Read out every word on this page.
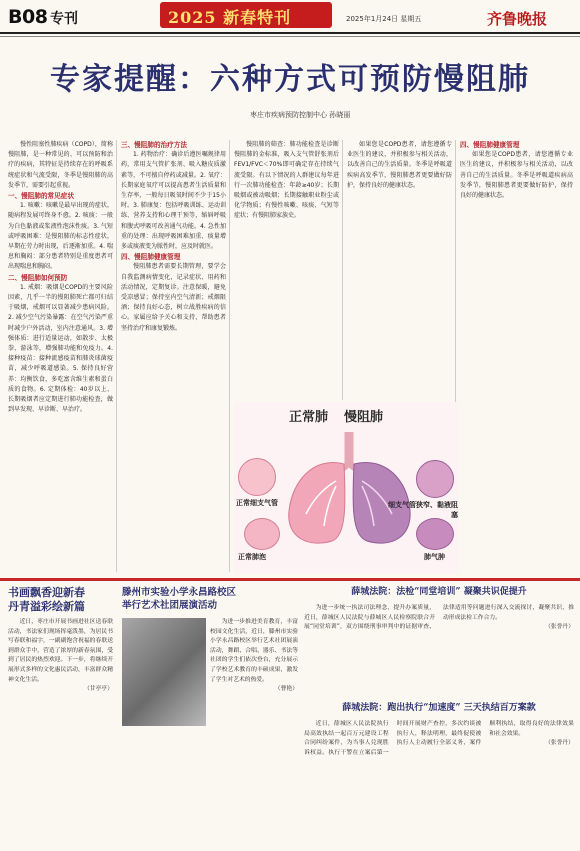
B08 专刊	2025 新春特刊	2025年1月24日 星期五	齐鲁晚报
专家提醒：六种方式可预防慢阻肺
枣庄市疾病预防控制中心 孙晓丽

慢性阻塞性肺疾病（COPD），简称慢阻肺，是一种常见的、可以预防和治疗的疾病，其特征是持续存在的呼吸系统症状和气流受限，冬季是慢阻肺的高发季节，需要引起重视。

一、慢阻肺的常见症状

1. 咳嗽：咳嗽是最早出现的症状，随病程发展可终身不愈。2. 咳痰：一般为白色黏液或浆液性泡沫性痰。3. 气短或呼吸困难：是慢阻肺的标志性症状，早期在劳力时出现，后逐渐加重。4. 喘息和胸闷：部分患者特别是重度患者可出现喘息和胸闷。

二、慢阻肺如何预防

1. 戒烟：吸烟是COPD的主要风险因素，几乎一半的慢阻肺死亡都可归结于吸烟，戒烟可以显著减少患病风险。2. 减少空气污染暴露：在空气污染严重时减少户外活动，室内注意通风。3. 增强体质：进行适量运动，如散步、太极拳、游泳等，增强肺功能和免疫力。4. 接种疫苗：接种流感疫苗和肺炎球菌疫苗，减少呼吸道感染。5. 保持良好营养：均衡饮食，多吃富含维生素和蛋白质的食物。6. 定期体检：40岁以上、长期吸烟者应定期进行肺功能检查，做到早发现、早诊断、早治疗。

三、慢阻肺的治疗方法

1. 药物治疗：确诊后遵医嘱规律用药，常用支气管扩张剂、吸入糖皮质激素等，不可擅自停药或减量。2. 氧疗：长期家庭氧疗可以提高患者生活质量和生存率，一般每日吸氧时间不少于15小时。3. 肺康复：包括呼吸训练、运动训练、营养支持和心理干预等，缩唇呼吸和腹式呼吸可改善通气功能。4. 急性加重的处理：出现呼吸困难加重、痰量增多或痰液变为脓性时，应及时就医。

四、慢阻肺健康管理

慢阻肺患者需要长期管理，要学会自我监测病情变化，记录症状、用药和活动情况，定期复诊。注意保暖，避免受凉感冒；保持室内空气清新；戒烟限酒；保持良好心态，树立战胜疾病的信心。家属应给予关心和支持，帮助患者坚持治疗和康复锻炼。

慢阻肺的筛查：肺功能检查是诊断慢阻肺的金标准，吸入支气管舒张剂后FEV1/FVC＜70%即可确定存在持续气流受限。有以下情况的人群建议每年进行一次肺功能检查：年龄≥40岁；长期吸烟或被动吸烟；长期接触职业粉尘或化学物质；有慢性咳嗽、咳痰、气短等症状；有慢阻肺家族史。

如果您是COPD患者，请您遵循专业医生的建议，并积极参与相关活动，以改善自己的生活质量。冬季是呼吸道疾病高发季节，慢阻肺患者更要做好防护，保持良好的健康状态。

四、慢阻肺健康管理

如果您是COPD患者，请您遵循专业医生的建议，并积极参与相关活动，以改善自己的生活质量。冬季是呼吸道疾病高发季节，慢阻肺患者更要做好防护，保持良好的健康状态。

正常肺 慢阻肺
正常细支气管
正常肺泡
细支气管狭窄、黏液阻塞
肺气肿
书画飘香迎新春
丹青溢彩绘新篇

近日，枣庄市开展书画进社区送春联活动，书法家们现场挥毫泼墨，为居民书写春联和福字，一副副饱含祝福的春联送到群众手中，营造了浓厚的新春氛围，受到了居民的热烈欢迎。下一步，将继续开展形式多样的文化惠民活动，丰富群众精神文化生活。

（甘亭亭）
滕州市实验小学永昌路校区
举行艺术社团展演活动

为进一步推进美育教育，丰富校园文化生活，近日，滕州市实验小学永昌路校区举行艺术社团展演活动，舞蹈、合唱、器乐、书法等社团的学生们依次登台，充分展示了学校艺术教育的丰硕成果，激发了学生对艺术的热爱。

（曹艳）
薛城法院：法检“同堂培训” 凝聚共识促提升

为进一步统一执法司法理念，提升办案质量，近日，薛城区人民法院与薛城区人民检察院联合开展“同堂培训”，双方围绕刑事审判中的证据审查、法律适用等问题进行深入交流探讨，凝聚共识，推动形成法检工作合力。

（张誉丹）
薛城法院：跑出执行“加速度” 三天执结百万案款

近日，薛城区人民法院执行局高效执结一起百万元建设工程合同纠纷案件，为当事人兑现胜诉权益。执行干警在立案后第一时间开展财产查控，多次约谈被执行人，释法明理，最终促使被执行人主动履行全部义务，案件顺利执结，取得良好的法律效果和社会效果。

（张誉丹）
